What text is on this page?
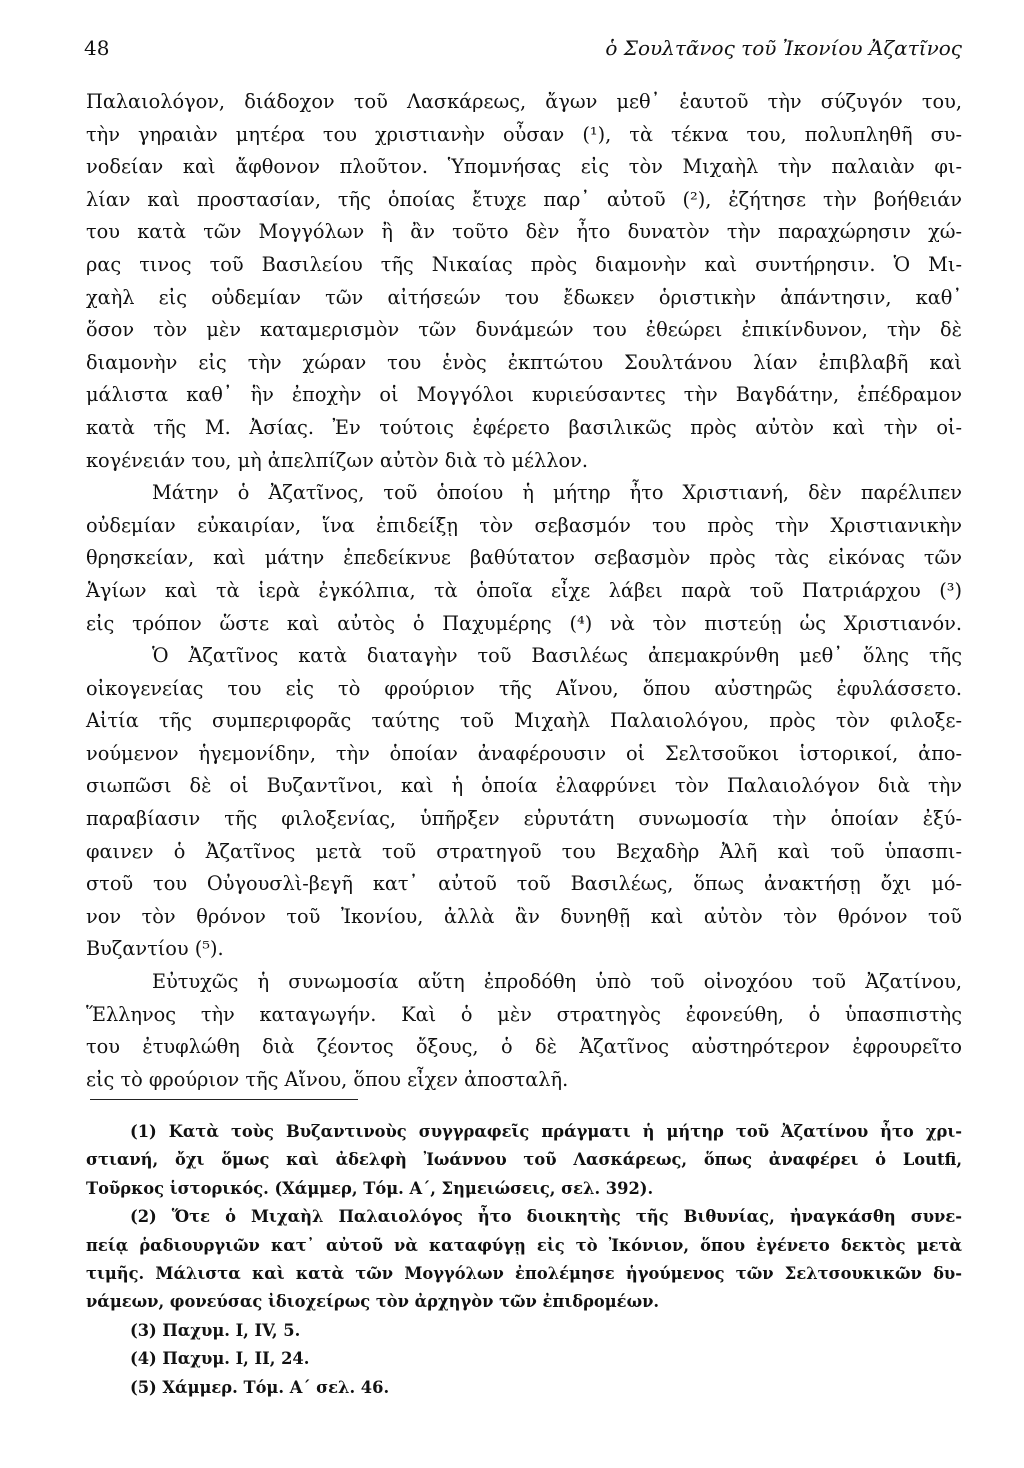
48	ὁ Σουλτᾶνος τοῦ Ἰκονίου Ἀζατῖνος
Παλαιολόγον, διάδοχον τοῦ Λασκάρεως, ἄγων μεθ᾿ ἑαυτοῦ τὴν σύζυγόν του,
τὴν γηραιὰν μητέρα του χριστιανὴν οὖσαν (¹), τὰ τέκνα του, πολυπληθῆ συ-
νοδείαν καὶ ἄφθονον πλοῦτον. Ὑπομνήσας εἰς τὸν Μιχαὴλ τὴν παλαιὰν φι-
λίαν καὶ προστασίαν, τῆς ὁποίας ἔτυχε παρ᾿ αὐτοῦ (²), ἐζήτησε τὴν βοήθειάν
του κατὰ τῶν Μογγόλων ἢ ἂν τοῦτο δὲν ἦτο δυνατὸν τὴν παραχώρησιν χώ-
ρας τινος τοῦ Βασιλείου τῆς Νικαίας πρὸς διαμονὴν καὶ συντήρησιν. Ὁ Μι-
χαὴλ εἰς οὐδεμίαν τῶν αἰτήσεών του ἔδωκεν ὁριστικὴν ἀπάντησιν, καθ᾿
ὅσον τὸν μὲν καταμερισμὸν τῶν δυνάμεών του ἐθεώρει ἐπικίνδυνον, τὴν δὲ
διαμονὴν εἰς τὴν χώραν του ἑνὸς ἐκπτώτου Σουλτάνου λίαν ἐπιβλαβῆ καὶ
μάλιστα καθ᾿ ἣν ἐποχὴν οἱ Μογγόλοι κυριεύσαντες τὴν Βαγδάτην, ἐπέδραμον
κατὰ τῆς Μ. Ἀσίας. Ἐν τούτοις ἐφέρετο βασιλικῶς πρὸς αὐτὸν καὶ τὴν οἰ-
κογένειάν του, μὴ ἀπελπίζων αὐτὸν διὰ τὸ μέλλον.
Μάτην ὁ Ἀζατῖνος, τοῦ ὁποίου ἡ μήτηρ ἦτο Χριστιανή, δὲν παρέλιπεν
οὐδεμίαν εὐκαιρίαν, ἵνα ἐπιδείξῃ τὸν σεβασμόν του πρὸς τὴν Χριστιανικὴν
θρησκείαν, καὶ μάτην ἐπεδείκνυε βαθύτατον σεβασμὸν πρὸς τὰς εἰκόνας τῶν
Ἁγίων καὶ τὰ ἱερὰ ἐγκόλπια, τὰ ὁποῖα εἶχε λάβει παρὰ τοῦ Πατριάρχου (³)
εἰς τρόπον ὥστε καὶ αὐτὸς ὁ Παχυμέρης (⁴) νὰ τὸν πιστεύῃ ὡς Χριστιανόν.
Ὁ Ἀζατῖνος κατὰ διαταγὴν τοῦ Βασιλέως ἀπεμακρύνθη μεθ᾿ ὅλης τῆς
οἰκογενείας του εἰς τὸ φρούριον τῆς Αἴνου, ὅπου αὐστηρῶς ἐφυλάσσετο.
Αἰτία τῆς συμπεριφορᾶς ταύτης τοῦ Μιχαὴλ Παλαιολόγου, πρὸς τὸν φιλοξε-
νούμενον ἡγεμονίδην, τὴν ὁποίαν ἀναφέρουσιν οἱ Σελτσοῦκοι ἱστορικοί, ἀπο-
σιωπῶσι δὲ οἱ Βυζαντῖνοι, καὶ ἡ ὁποία ἐλαφρύνει τὸν Παλαιολόγον διὰ τὴν
παραβίασιν τῆς φιλοξενίας, ὑπῆρξεν εὐρυτάτη συνωμοσία τὴν ὁποίαν ἐξύ-
φαινεν ὁ Ἀζατῖνος μετὰ τοῦ στρατηγοῦ του Βεχαδὴρ Ἀλῆ καὶ τοῦ ὑπασπι-
στοῦ του Οὐγουσλὶ-βεγῆ κατ᾿ αὐτοῦ τοῦ Βασιλέως, ὅπως ἀνακτήσῃ ὄχι μό-
νον τὸν θρόνον τοῦ Ἰκονίου, ἀλλὰ ἂν δυνηθῇ καὶ αὐτὸν τὸν θρόνον τοῦ
Βυζαντίου (⁵).
Εὐτυχῶς ἡ συνωμοσία αὕτη ἐπροδόθη ὑπὸ τοῦ οἰνοχόου τοῦ Ἀζατίνου,
Ἕλληνος τὴν καταγωγήν. Καὶ ὁ μὲν στρατηγὸς ἐφονεύθη, ὁ ὑπασπιστὴς
του ἐτυφλώθη διὰ ζέοντος ὄξους, ὁ δὲ Ἀζατῖνος αὐστηρότερον ἐφρουρεῖτο
εἰς τὸ φρούριον τῆς Αἴνου, ὅπου εἶχεν ἀποσταλῆ.
(1) Κατὰ τοὺς Βυζαντινοὺς συγγραφεῖς πράγματι ἡ μήτηρ τοῦ Ἀζατίνου ἦτο χρι-
στιανή, ὄχι ὅμως καὶ ἀδελφὴ Ἰωάννου τοῦ Λασκάρεως, ὅπως ἀναφέρει ὁ Loutfi,
Τοῦρκος ἱστορικός. (Χάμμερ, Τόμ. Α΄, Σημειώσεις, σελ. 392).
(2) Ὅτε ὁ Μιχαὴλ Παλαιολόγος ἦτο διοικητὴς τῆς Βιθυνίας, ἠναγκάσθη συνε-
πείᾳ ῥαδιουργιῶν κατ᾿ αὐτοῦ νὰ καταφύγῃ εἰς τὸ Ἰκόνιον, ὅπου ἐγένετο δεκτὸς μετὰ
τιμῆς. Μάλιστα καὶ κατὰ τῶν Μογγόλων ἐπολέμησε ἡγούμενος τῶν Σελτσουκικῶν δυ-
νάμεων, φονεύσας ἰδιοχείρως τὸν ἀρχηγὸν τῶν ἐπιδρομέων.
(3) Παχυμ. Ι, IV, 5.
(4) Παχυμ. Ι, ΙΙ, 24.
(5) Χάμμερ. Τόμ. Α΄ σελ. 46.
